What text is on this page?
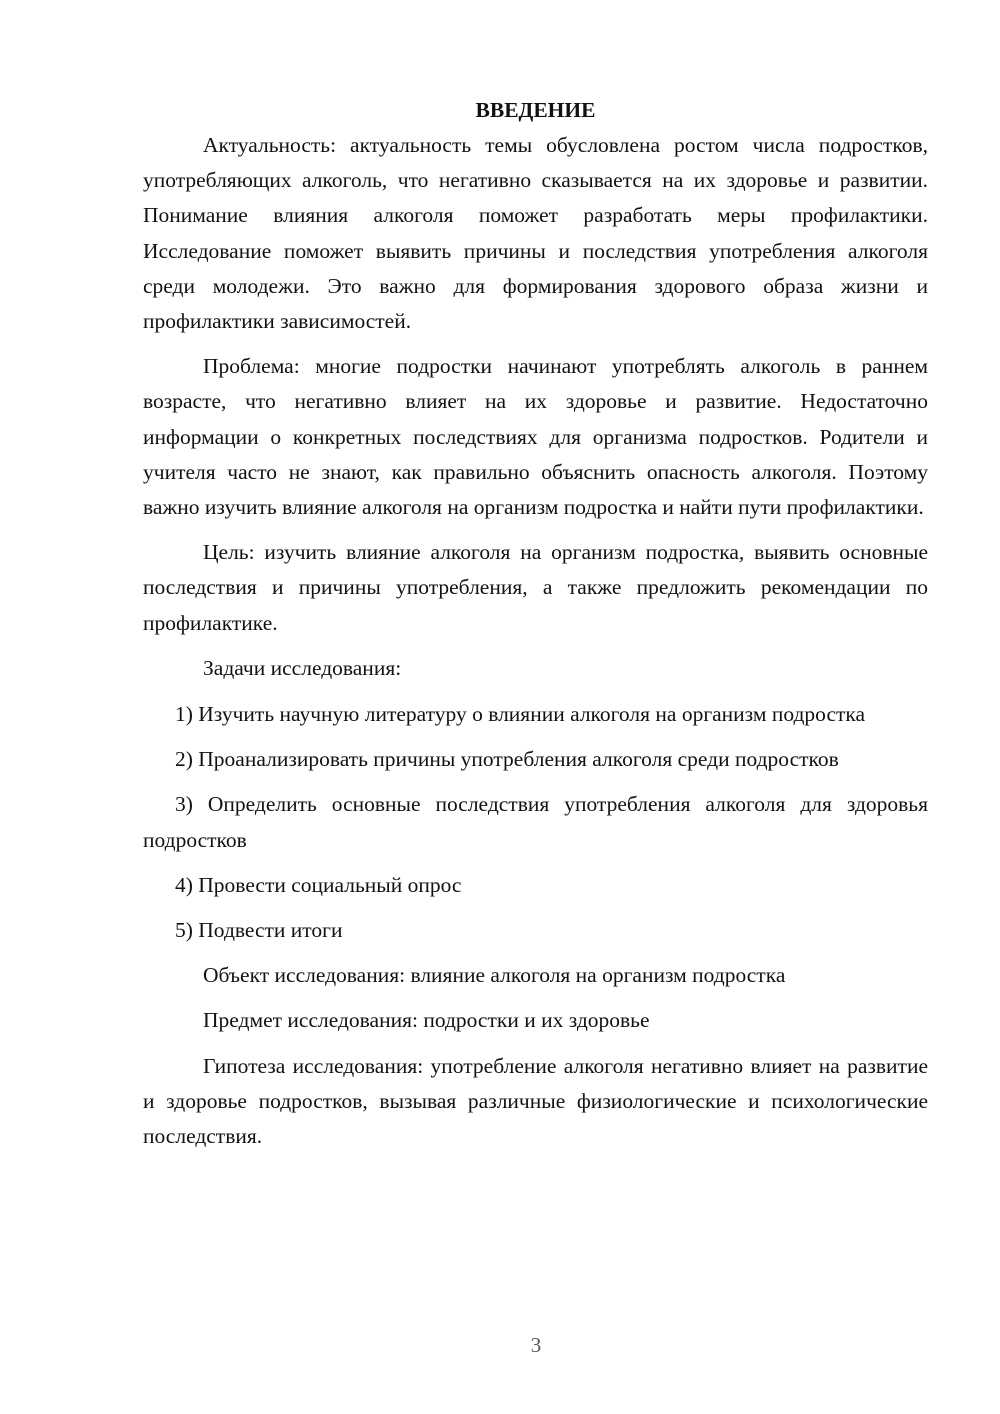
ВВЕДЕНИЕ

Актуальность: актуальность темы обусловлена ростом числа подростков, употребляющих алкоголь, что негативно сказывается на их здоровье и развитии. Понимание влияния алкоголя поможет разработать меры профилактики. Исследование поможет выявить причины и последствия употребления алкоголя среди молодежи. Это важно для формирования здорового образа жизни и профилактики зависимостей.

Проблема: многие подростки начинают употреблять алкоголь в раннем возрасте, что негативно влияет на их здоровье и развитие. Недостаточно информации о конкретных последствиях для организма подростков. Родители и учителя часто не знают, как правильно объяснить опасность алкоголя. Поэтому важно изучить влияние алкоголя на организм подростка и найти пути профилактики.

Цель: изучить влияние алкоголя на организм подростка, выявить основные последствия и причины употребления, а также предложить рекомендации по профилактике.

Задачи исследования:

1) Изучить научную литературу о влиянии алкоголя на организм подростка

2) Проанализировать причины употребления алкоголя среди подростков

3) Определить основные последствия употребления алкоголя для здоровья подростков

4) Провести социальный опрос

5) Подвести итоги

Объект исследования: влияние алкоголя на организм подростка

Предмет исследования: подростки и их здоровье

Гипотеза исследования: употребление алкоголя негативно влияет на развитие и здоровье подростков, вызывая различные физиологические и психологические последствия.

3
